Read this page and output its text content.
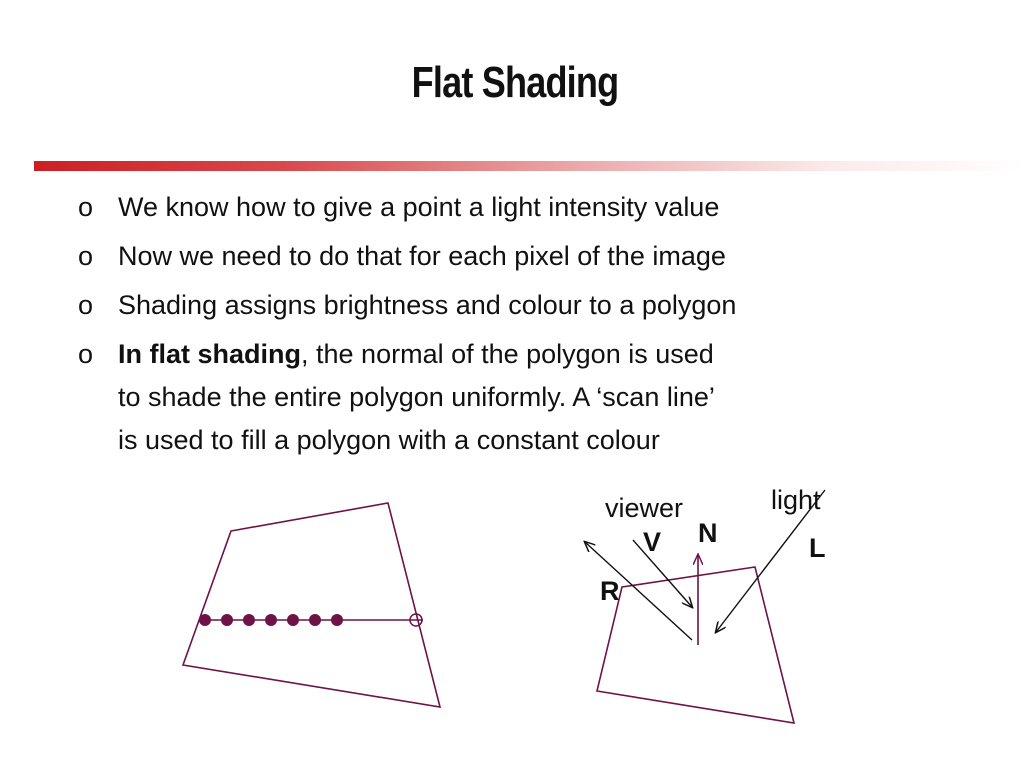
Flat Shading
o We know how to give a point a light intensity value
o Now we need to do that for each pixel of the image
o Shading assigns brightness and colour to a polygon
o In flat shading, the normal of the polygon is used
to shade the entire polygon uniformly. A ‘scan line’
is used to fill a polygon with a constant colour
viewer	light
V N	L
R
